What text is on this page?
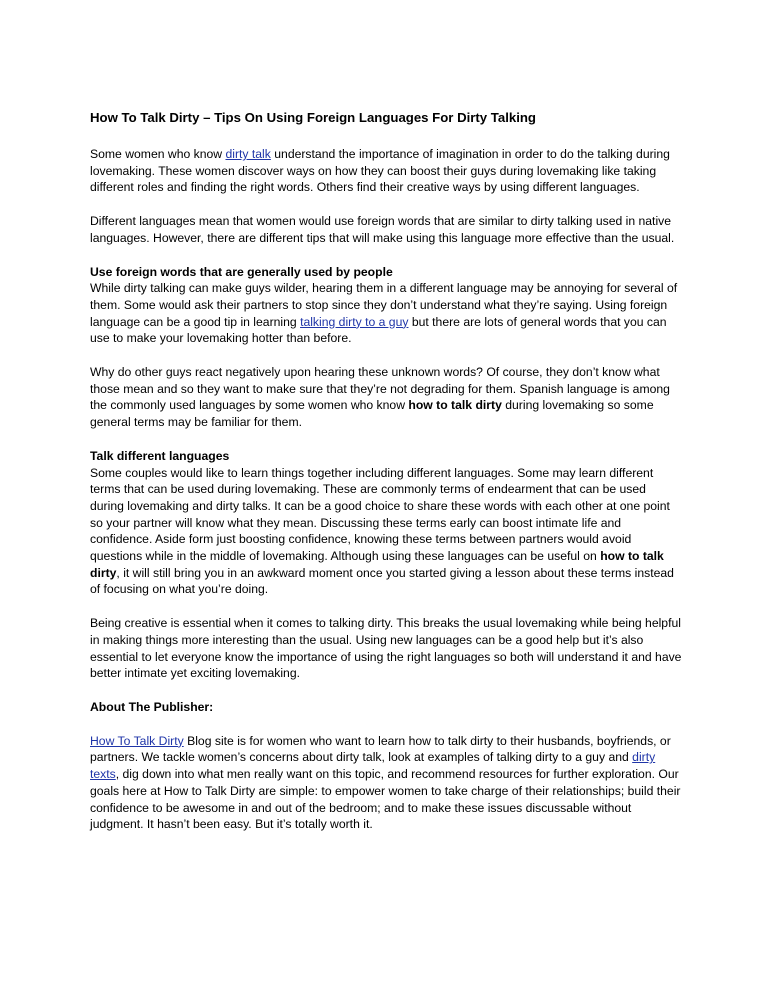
How To Talk Dirty – Tips On Using Foreign Languages For Dirty Talking

Some women who know dirty talk understand the importance of imagination in order to do the talking during lovemaking. These women discover ways on how they can boost their guys during lovemaking like taking different roles and finding the right words. Others find their creative ways by using different languages.

Different languages mean that women would use foreign words that are similar to dirty talking used in native languages. However, there are different tips that will make using this language more effective than the usual.

Use foreign words that are generally used by people
While dirty talking can make guys wilder, hearing them in a different language may be annoying for several of them. Some would ask their partners to stop since they don’t understand what they’re saying. Using foreign language can be a good tip in learning talking dirty to a guy but there are lots of general words that you can use to make your lovemaking hotter than before.

Why do other guys react negatively upon hearing these unknown words? Of course, they don’t know what those mean and so they want to make sure that they’re not degrading for them. Spanish language is among the commonly used languages by some women who know how to talk dirty during lovemaking so some general terms may be familiar for them.

Talk different languages
Some couples would like to learn things together including different languages. Some may learn different terms that can be used during lovemaking. These are commonly terms of endearment that can be used during lovemaking and dirty talks. It can be a good choice to share these words with each other at one point so your partner will know what they mean. Discussing these terms early can boost intimate life and confidence. Aside form just boosting confidence, knowing these terms between partners would avoid questions while in the middle of lovemaking. Although using these languages can be useful on how to talk dirty, it will still bring you in an awkward moment once you started giving a lesson about these terms instead of focusing on what you’re doing.

Being creative is essential when it comes to talking dirty. This breaks the usual lovemaking while being helpful in making things more interesting than the usual. Using new languages can be a good help but it’s also essential to let everyone know the importance of using the right languages so both will understand it and have better intimate yet exciting lovemaking.

About The Publisher:

How To Talk Dirty Blog site is for women who want to learn how to talk dirty to their husbands, boyfriends, or partners. We tackle women’s concerns about dirty talk, look at examples of talking dirty to a guy and dirty texts, dig down into what men really want on this topic, and recommend resources for further exploration. Our goals here at How to Talk Dirty are simple: to empower women to take charge of their relationships; build their confidence to be awesome in and out of the bedroom; and to make these issues discussable without judgment. It hasn’t been easy. But it’s totally worth it.
